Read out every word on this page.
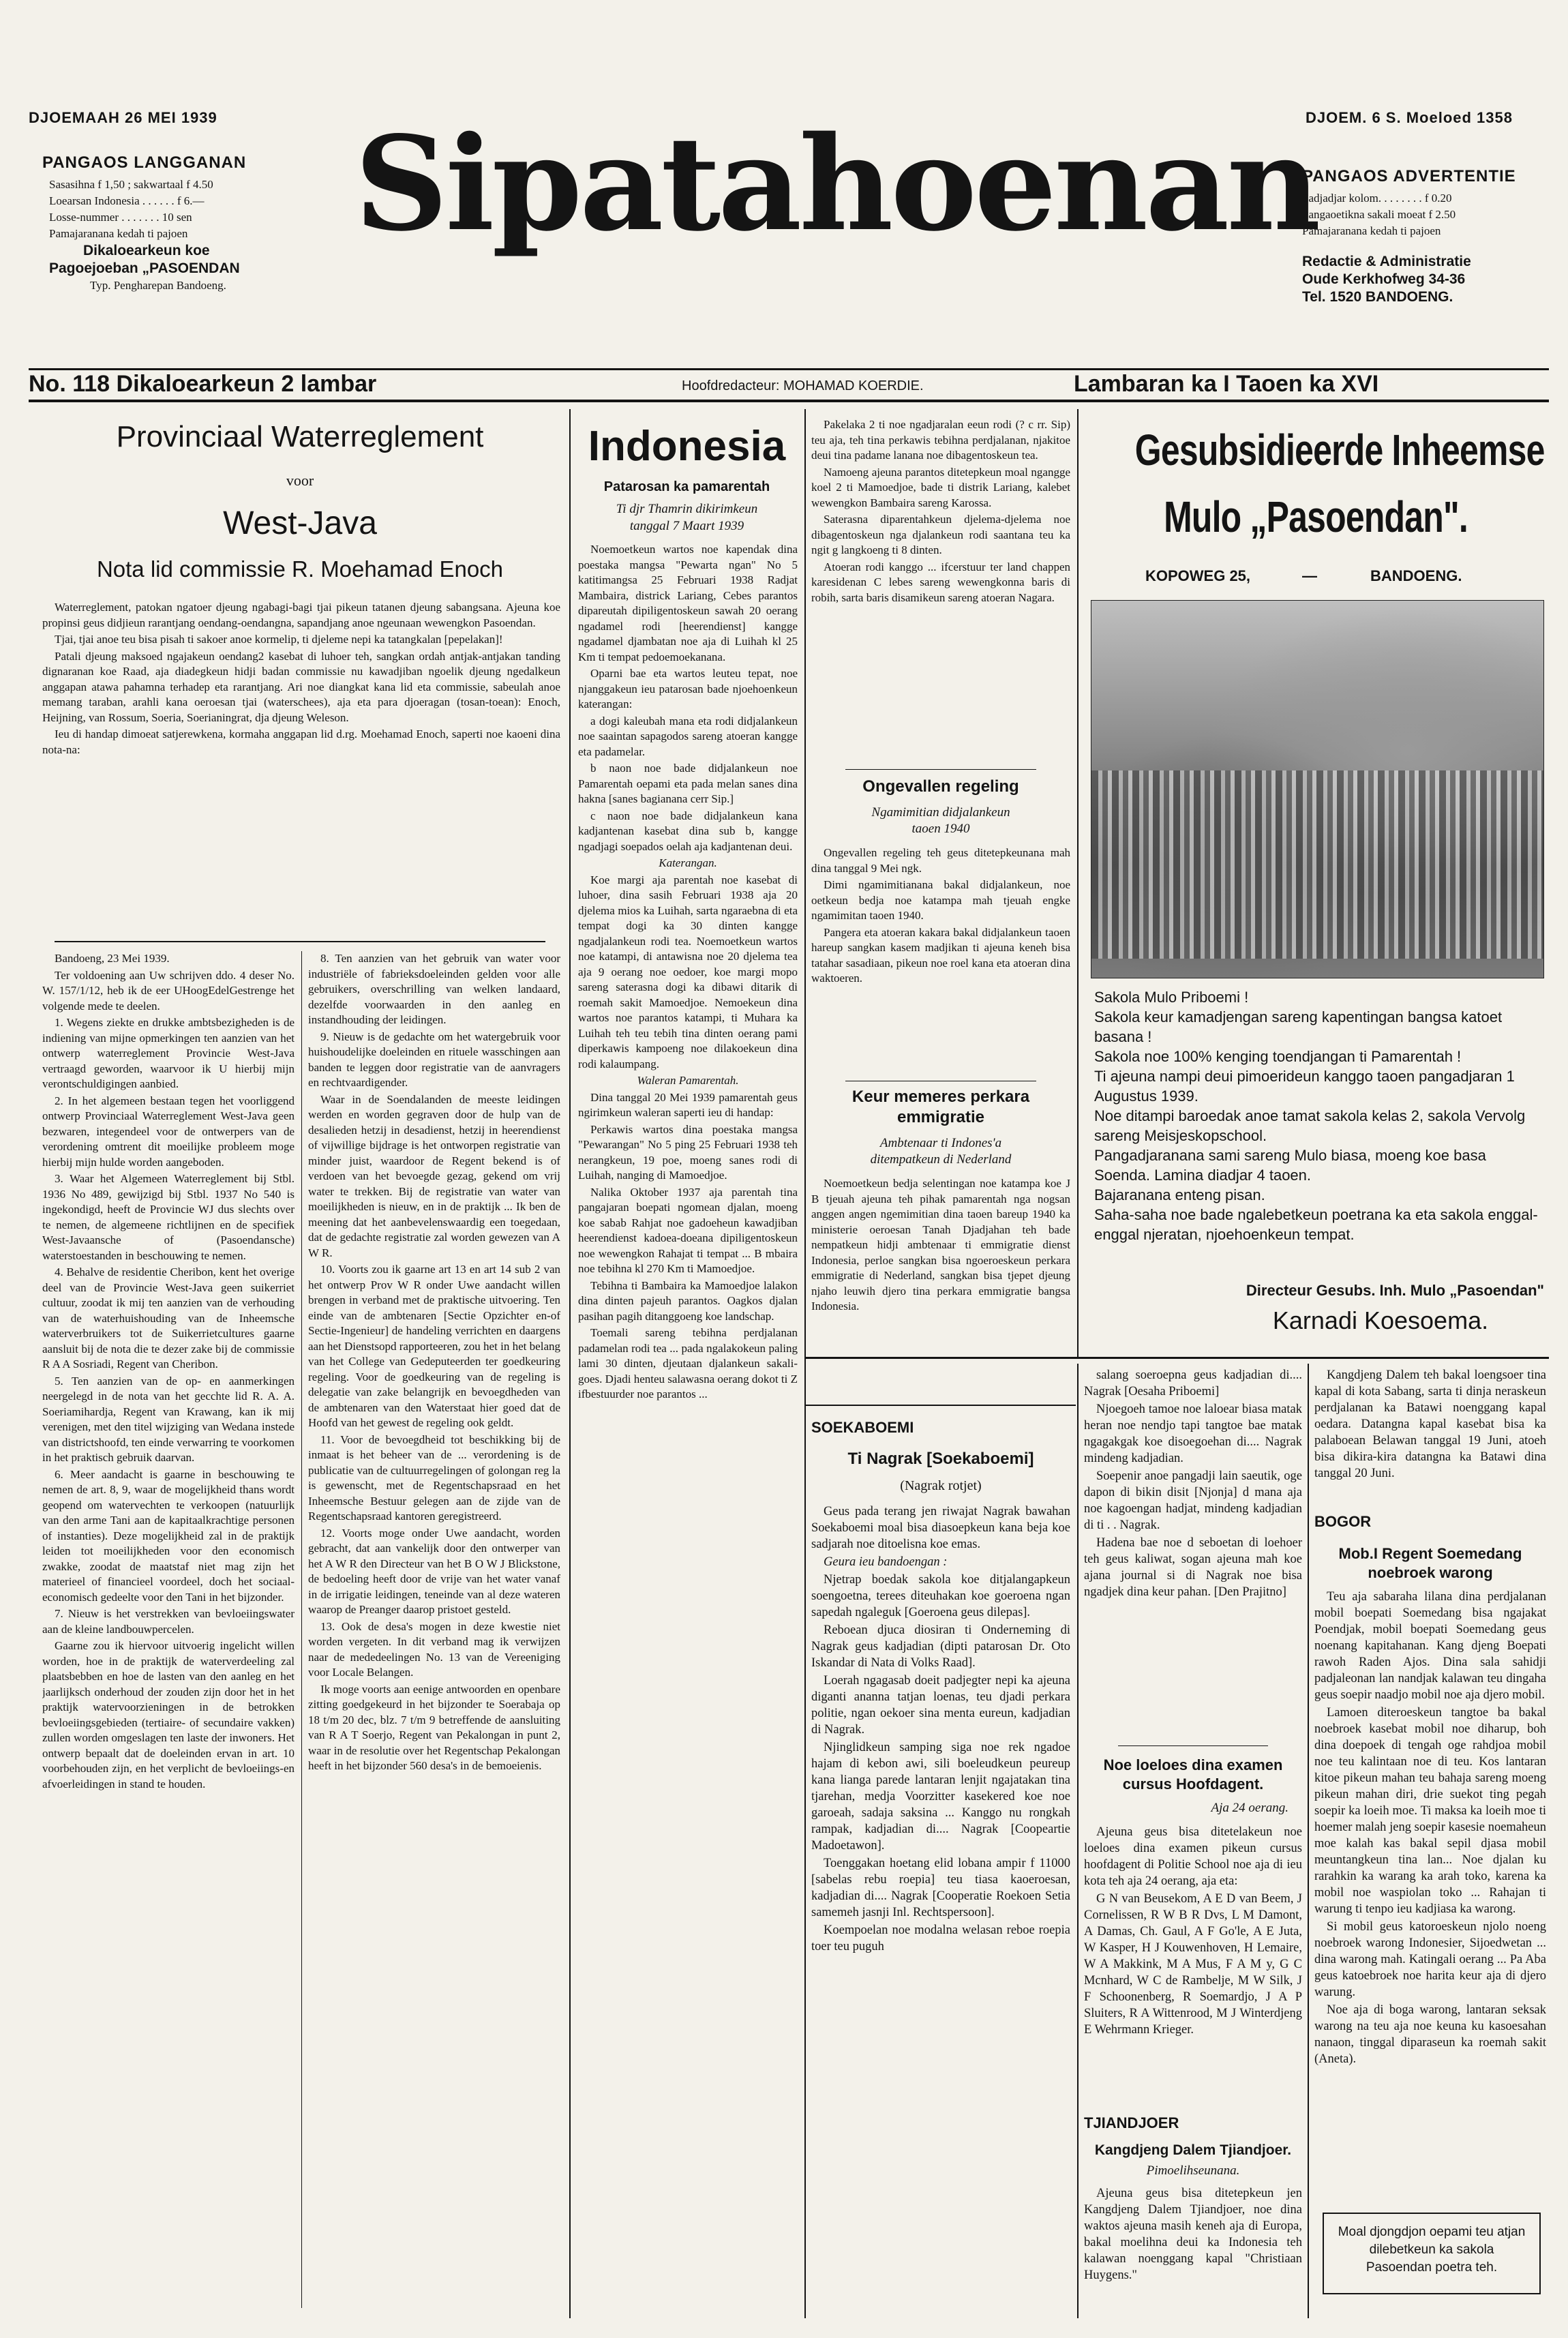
DJOEMAAH 26 MEI 1939	DJOEM. 6 S. Moeloed 1358
Sipatahoenan
PANGAOS LANGGANAN
Sasasihna f 1,50 ; sakwartaal f 4.50
Loearsan Indonesia . . . . . . f 6.—
Losse-nummer . . . . . . . 10 sen
Pamajaranana kedah ti pajoen
Dikaloearkeun koe
Pagoejoeban „PASOENDAN
Typ. Pengharepan Bandoeng.
PANGAOS ADVERTENTIE
Sadjadjar kolom. . . . . . . . f 0.20
Pangaoetikna sakali moeat f 2.50
Pamajaranana kedah ti pajoen
Redactie & Administratie
Oude Kerkhofweg 34-36
Tel. 1520 BANDOENG.
No. 118 Dikaloearkeun 2 lambar	Hoofdredacteur: MOHAMAD KOERDIE.	Lambaran ka I Taoen ka XVI
Provinciaal Waterreglement
voor
West-Java
Nota lid commissie R. Moehamad Enoch

Waterreglement, patokan ngatoer djeung ngabagi-bagi tjai pikeun tatanen djeung sabangsana. Ajeuna koe propinsi geus didjieun rarantjang oendang-oendangna, sapandjang anoe ngeunaan wewengkon Pasoendan.

Tjai, tjai anoe teu bisa pisah ti sakoer anoe kormelip, ti djeleme nepi ka tatangkalan [pepelakan]!

Patali djeung maksoed ngajakeun oendang2 kasebat di luhoer teh, sangkan ordah antjak-antjakan tanding dignaranan koe Raad, aja diadegkeun hidji badan commissie nu kawadjiban ngoelik djeung ngedalkeun anggapan atawa pahamna terhadep eta rarantjang. Ari noe diangkat kana lid eta commissie, sabeulah anoe memang taraban, arahli kana oeroesan tjai (waterschees), aja eta para djoeragan (tosan-toean): Enoch, Heijning, van Rossum, Soeria, Soerianingrat, dja djeung Weleson.

Ieu di handap dimoeat satjerewkena, kormaha anggapan lid d.rg. Moehamad Enoch, saperti noe kaoeni dina nota-na:

Bandoeng, 23 Mei 1939.

Ter voldoening aan Uw schrijven ddo. 4 deser No. W. 157/1/12, heb ik de eer UHoogEdelGestrenge het volgende mede te deelen.

1. Wegens ziekte en drukke ambtsbezigheden is de indiening van mijne opmerkingen ten aanzien van het ontwerp waterreglement Provincie West-Java vertraagd geworden, waarvoor ik U hierbij mijn verontschuldigingen aanbied.

2. In het algemeen bestaan tegen het voorliggend ontwerp Provinciaal Waterreglement West-Java geen bezwaren, integendeel voor de ontwerpers van de verordening omtrent dit moeilijke probleem moge hierbij mijn hulde worden aangeboden.

3. Waar het Algemeen Waterreglement bij Stbl. 1936 No 489, gewijzigd bij Stbl. 1937 No 540 is ingekondigd, heeft de Provincie WJ dus slechts over te nemen, de algemeene richtlijnen en de specifiek West-Javaansche of (Pasoendansche) waterstoestanden in beschouwing te nemen.

4. Behalve de residentie Cheribon, kent het overige deel van de Provincie West-Java geen suikerriet cultuur, zoodat ik mij ten aanzien van de verhouding van de waterhuishouding van de Inheemsche waterverbruikers tot de Suikerrietcultures gaarne aansluit bij de nota die te dezer zake bij de commissie R A A Sosriadi, Regent van Cheribon.

5. Ten aanzien van de op- en aanmerkingen neergelegd in de nota van het gecchte lid R. A. A. Soeriamihardja, Regent van Krawang, kan ik mij verenigen, met den titel wijziging van Wedana instede van districtshoofd, ten einde verwarring te voorkomen in het praktisch gebruik daarvan.

6. Meer aandacht is gaarne in beschouwing te nemen de art. 8, 9, waar de mogelijkheid thans wordt geopend om watervechten te verkoopen (natuurlijk van den arme Tani aan de kapitaalkrachtige personen of instanties). Deze mogelijkheid zal in de praktijk leiden tot moeilijkheden voor den economisch zwakke, zoodat de maatstaf niet mag zijn het materieel of financieel voordeel, doch het sociaal-economisch gedeelte voor den Tani in het bijzonder.

7. Nieuw is het verstrekken van bevloeiingswater aan de kleine landbouwpercelen.

Gaarne zou ik hiervoor uitvoerig ingelicht willen worden, hoe in de praktijk de waterverdeeling zal plaatsbebben en hoe de lasten van den aanleg en het jaarlijksch onderhoud der zouden zijn door het in het praktijk watervoorzieningen in de betrokken bevloeiingsgebieden (tertiaire- of secundaire vakken) zullen worden omgeslagen ten laste der inwoners. Het ontwerp bepaalt dat de doeleinden ervan in art. 10 voorbehouden zijn, en het verplicht de bevloeiings-en afvoerleidingen in stand te houden.

8. Ten aanzien van het gebruik van water voor industriële of fabrieksdoeleinden gelden voor alle gebruikers, overschrilling van welken landaard, dezelfde voorwaarden in den aanleg en instandhouding der leidingen.

9. Nieuw is de gedachte om het watergebruik voor huishoudelijke doeleinden en rituele wasschingen aan banden te leggen door registratie van de aanvragers en rechtvaardigender.

Waar in de Soendalanden de meeste leidingen werden en worden gegraven door de hulp van de desalieden hetzij in desadienst, hetzij in heerendienst of vijwillige bijdrage is het ontworpen registratie van minder juist, waardoor de Regent bekend is of verdoen van het bevoegde gezag, gekend om vrij water te trekken. Bij de registratie van water van moeilijkheden is nieuw, en in de praktijk ... Ik ben de meening dat het aanbevelenswaardig een toegedaan, dat de gedachte registratie zal worden gewezen van A W R.

10. Voorts zou ik gaarne art 13 en art 14 sub 2 van het ontwerp Prov W R onder Uwe aandacht willen brengen in verband met de praktische uitvoering. Ten einde van de ambtenaren [Sectie Opzichter en-of Sectie-Ingenieur] de handeling verrichten en daargens aan het Dienstsopd rapporteeren, zou het in het belang van het College van Gedeputeerden ter goedkeuring regeling. Voor de goedkeuring van de regeling is delegatie van zake belangrijk en bevoegdheden van de ambtenaren van den Waterstaat hier goed dat de Hoofd van het gewest de regeling ook geldt.

11. Voor de bevoegdheid tot beschikking bij de inmaat is het beheer van de ... verordening is de publicatie van de cultuurregelingen of golongan reg la is gewenscht, met de Regentschapsraad en het Inheemsche Bestuur gelegen aan de zijde van de Regentschapsraad kantoren geregistreerd.

12. Voorts moge onder Uwe aandacht, worden gebracht, dat aan vankelijk door den ontwerper van het A W R den Directeur van het B O W J Blickstone, de bedoeling heeft door de vrije van het water vanaf in de irrigatie leidingen, teneinde van al deze wateren waarop de Preanger daarop pristoet gesteld.

13. Ook de desa's mogen in deze kwestie niet worden vergeten. In dit verband mag ik verwijzen naar de mededeelingen No. 13 van de Vereeniging voor Locale Belangen.

Ik moge voorts aan eenige antwoorden en openbare zitting goedgekeurd in het bijzonder te Soerabaja op 18 t/m 20 dec, blz. 7 t/m 9 betreffende de aansluiting van R A T Soerjo, Regent van Pekalongan in punt 2, waar in de resolutie over het Regentschap Pekalongan heeft in het bijzonder 560 desa's in de bemoeienis.

Indonesia
Patarosan ka pamarentah
Ti djr Thamrin dikirimkeun
tanggal 7 Maart 1939

Noemoetkeun wartos noe kapendak dina poestaka mangsa "Pewarta ngan" No 5 katitimangsa 25 Februari 1938 Radjat Mambaira, districk Lariang, Cebes parantos dipareutah dipiligentoskeun sawah 20 oerang ngadamel rodi [heerendienst] kangge ngadamel djambatan noe aja di Luihah kl 25 Km ti tempat pedoemoekanana.

Oparni bae eta wartos leuteu tepat, noe njanggakeun ieu patarosan bade njoehoenkeun katerangan:

a dogi kaleubah mana eta rodi didjalankeun noe saaintan sapagodos sareng atoeran kangge eta padamelar.

b naon noe bade didjalankeun noe Pamarentah oepami eta pada melan sanes dina hakna [sanes bagianana cerr Sip.]

c naon noe bade didjalankeun kana kadjantenan kasebat dina sub b, kangge ngadjagi soepados oelah aja kadjantenan deui.

Katerangan.

Koe margi aja parentah noe kasebat di luhoer, dina sasih Februari 1938 aja 20 djelema mios ka Luihah, sarta ngaraebna di eta tempat dogi ka 30 dinten kangge ngadjalankeun rodi tea. Noemoetkeun wartos noe katampi, di antawisna noe 20 djelema tea aja 9 oerang noe oedoer, koe margi mopo sareng saterasna dogi ka dibawi ditarik di roemah sakit Mamoedjoe. Nemoekeun dina wartos noe parantos katampi, ti Muhara ka Luihah teh teu tebih tina dinten oerang pami diperkawis kampoeng noe dilakoekeun dina rodi kalaumpang.

Waleran Pamarentah.

Dina tanggal 20 Mei 1939 pamarentah geus ngirimkeun waleran saperti ieu di handap:

Perkawis wartos dina poestaka mangsa "Pewarangan" No 5 ping 25 Februari 1938 teh nerangkeun, 19 poe, moeng sanes rodi di Luihah, nanging di Mamoedjoe.

Nalika Oktober 1937 aja parentah tina pangajaran boepati ngomean djalan, moeng koe sabab Rahjat noe gadoeheun kawadjiban heerendienst kadoea-doeana dipiligentoskeun noe wewengkon Rahajat ti tempat ... B mbaira noe tebihna kl 270 Km ti Mamoedjoe.

Tebihna ti Bambaira ka Mamoedjoe lalakon dina dinten pajeuh parantos. Oagkos djalan pasihan pagih ditanggoeng koe landschap.

Toemali sareng tebihna perdjalanan padamelan rodi tea ... pada ngalakokeun paling lami 30 dinten, djeutaan djalankeun sakali-goes. Djadi henteu salawasna oerang dokot ti Z ifbestuurder noe parantos ...

Pakelaka 2 ti noe ngadjaralan eeun rodi (? c rr. Sip) teu aja, teh tina perkawis tebihna perdjalanan, njakitoe deui tina padame lanana noe dibagentoskeun tea.

Namoeng ajeuna parantos ditetepkeun moal ngangge koel 2 ti Mamoedjoe, bade ti distrik Lariang, kalebet wewengkon Bambaira sareng Karossa.

Saterasna diparentahkeun djelema-djelema noe dibagentoskeun nga djalankeun rodi saantana teu ka ngit g langkoeng ti 8 dinten.

Atoeran rodi kanggo ... ifcerstuur ter land chappen karesidenan C lebes sareng wewengkonna baris di robih, sarta baris disamikeun sareng atoeran Nagara.

Ongevallen regeling
Ngamimitian didjalankeun
taoen 1940

Ongevallen regeling teh geus ditetepkeunana mah dina tanggal 9 Mei ngk.

Dimi ngamimitianana bakal didjalankeun, noe oetkeun bedja noe katampa mah tjeuah engke ngamimitan taoen 1940.

Pangera eta atoeran kakara bakal didjalankeun taoen hareup sangkan kasem madjikan ti ajeuna keneh bisa tatahar sasadiaan, pikeun noe roel kana eta atoeran dina waktoeren.

Keur memeres perkara
emmigratie
Ambtenaar ti Indones'a
ditempatkeun di Nederland

Noemoetkeun bedja selentingan noe katampa koe J B tjeuah ajeuna teh pihak pamarentah nga nogsan anggen angen ngemimitian dina taoen bareup 1940 ka ministerie oeroesan Tanah Djadjahan teh bade nempatkeun hidji ambtenaar ti emmigratie dienst Indonesia, perloe sangkan bisa ngoeroeskeun perkara emmigratie di Nederland, sangkan bisa tjepet djeung njaho leuwih djero tina perkara emmigratie bangsa Indonesia.

Gesubsidieerde Inheemse
Mulo „Pasoendan".
KOPOWEG 25,	—	BANDOENG.
Sakola Mulo Priboemi !
Sakola keur kamadjengan sareng kapentingan bangsa katoet basana !
Sakola noe 100% kenging toendjangan ti Pamarentah !
Ti ajeuna nampi deui pimoerideun kanggo taoen pangadjaran 1 Augustus 1939.
Noe ditampi baroedak anoe tamat sakola kelas 2, sakola Vervolg sareng Meisjeskopschool.
Pangadjaranana sami sareng Mulo biasa, moeng koe basa Soenda. Lamina diadjar 4 taoen.
Bajaranana enteng pisan.
Saha-saha noe bade ngalebetkeun poetrana ka eta sakola enggal-enggal njeratan, njoehoenkeun tempat.
Directeur Gesubs. Inh. Mulo „Pasoendan"
Karnadi Koesoema.
SOEKABOEMI
Ti Nagrak [Soekaboemi]
(Nagrak rotjet)

Geus pada terang jen riwajat Nagrak bawahan Soekaboemi moal bisa diasoepkeun kana beja koe sadjarah noe ditoelisna koe emas.

Geura ieu bandoengan :

Njetrap boedak sakola koe ditjalangapkeun soengoetna, terees diteuhakan koe goeroena ngan sapedah ngaleguk [Goeroena geus dilepas].

Reboean djuca diosiran ti Onderneming di Nagrak geus kadjadian (dipti patarosan Dr. Oto Iskandar di Nata di Volks Raad].

Loerah ngagasab doeit padjegter nepi ka ajeuna diganti ananna tatjan loenas, teu djadi perkara politie, ngan oekoer sina menta eureun, kadjadian di Nagrak.

Njinglidkeun samping siga noe rek ngadoe hajam di kebon awi, sili boeleudkeun peureup kana lianga parede lantaran lenjit ngajatakan tina tjarehan, medja Voorzitter kasekered koe noe garoeah, sadaja saksina ... Kanggo nu rongkah rampak, kadjadian di.... Nagrak [Coopeartie Madoetawon].

Toenggakan hoetang elid lobana ampir f 11000 [sabelas rebu roepia] teu tiasa kaoeroesan, kadjadian di.... Nagrak [Cooperatie Roekoen Setia samemeh jasnji Inl. Rechtspersoon].

Koempoelan noe modalna welasan reboe roepia toer teu puguh

salang soeroepna geus kadjadian di.... Nagrak [Oesaha Priboemi]

Njoegoeh tamoe noe laloear biasa matak heran noe nendjo tapi tangtoe bae matak ngagakgak koe disoegoehan di.... Nagrak mindeng kadjadian.

Soepenir anoe pangadji lain saeutik, oge dapon di bikin disit [Njonja] d mana aja noe kagoengan hadjat, mindeng kadjadian di ti . . Nagrak.

Hadena bae noe d seboetan di loehoer teh geus kaliwat, sogan ajeuna mah koe ajana journal si di Nagrak noe bisa ngadjek dina keur pahan. [Den Prajitno]

Noe loeloes dina examen
cursus Hoofdagent.
Aja 24 oerang.

Ajeuna geus bisa ditetelakeun noe loeloes dina examen pikeun cursus hoofdagent di Politie School noe aja di ieu kota teh aja 24 oerang, aja eta:

G N van Beusekom, A E D van Beem, J Cornelissen, R W B R Dvs, L M Damont, A Damas, Ch. Gaul, A F Go'le, A E Juta, W Kasper, H J Kouwenhoven, H Lemaire, W A Makkink, M A Mus, F A M y, G C Mcnhard, W C de Rambelje, M W Silk, J F Schoonenberg, R Soemardjo, J A P Sluiters, R A Wittenrood, M J Winterdjeng E Wehrmann Krieger.

TJIANDJOER
Kangdjeng Dalem Tjiandjoer.
Pimoelihseunana.

Ajeuna geus bisa ditetepkeun jen Kangdjeng Dalem Tjiandjoer, noe dina waktos ajeuna masih keneh aja di Europa, bakal moelihna deui ka Indonesia teh kalawan noenggang kapal "Christiaan Huygens."

Kangdjeng Dalem teh bakal loengsoer tina kapal di kota Sabang, sarta ti dinja neraskeun perdjalanan ka Batawi noenggang kapal oedara. Datangna kapal kasebat bisa ka palaboean Belawan tanggal 19 Juni, atoeh bisa dikira-kira datangna ka Batawi dina tanggal 20 Juni.

BOGOR
Mob.I Regent Soemedang
noebroek warong

Teu aja sabaraha lilana dina perdjalanan mobil boepati Soemedang bisa ngajakat Poendjak, mobil boepati Soemedang geus noenang kapitahanan. Kang djeng Boepati rawoh Raden Ajos. Dina sala sahidji padjaleonan lan nandjak kalawan teu dingaha geus soepir naadjo mobil noe aja djero mobil.

Lamoen diteroeskeun tangtoe ba bakal noebroek kasebat mobil noe diharup, boh dina doepoek di tengah oge rahdjoa mobil noe teu kalintaan noe di teu. Kos lantaran kitoe pikeun mahan teu bahaja sareng moeng pikeun mahan diri, drie suekot ting pegah soepir ka loeih moe. Ti maksa ka loeih moe ti hoemer malah jeng soepir kasesie noemaheun moe kalah kas bakal sepil djasa mobil meuntangkeun tina lan... Noe djalan ku rarahkin ka warang ka arah toko, karena ka mobil noe waspiolan toko ... Rahajan ti warung ti tenpo ieu kadjiasa ka warong.

Si mobil geus katoroeskeun njolo noeng noebroek warong Indonesier, Sijoedwetan ... dina warong mah. Katingali oerang ... Pa Aba geus katoebroek noe harita keur aja di djero warung.

Noe aja di boga warong, lantaran seksak warong na teu aja noe keuna ku kasoesahan nanaon, tinggal diparaseun ka roemah sakit (Aneta).

Moal djongdjon oepami teu atjan dilebetkeun ka sakola Pasoendan poetra teh.
